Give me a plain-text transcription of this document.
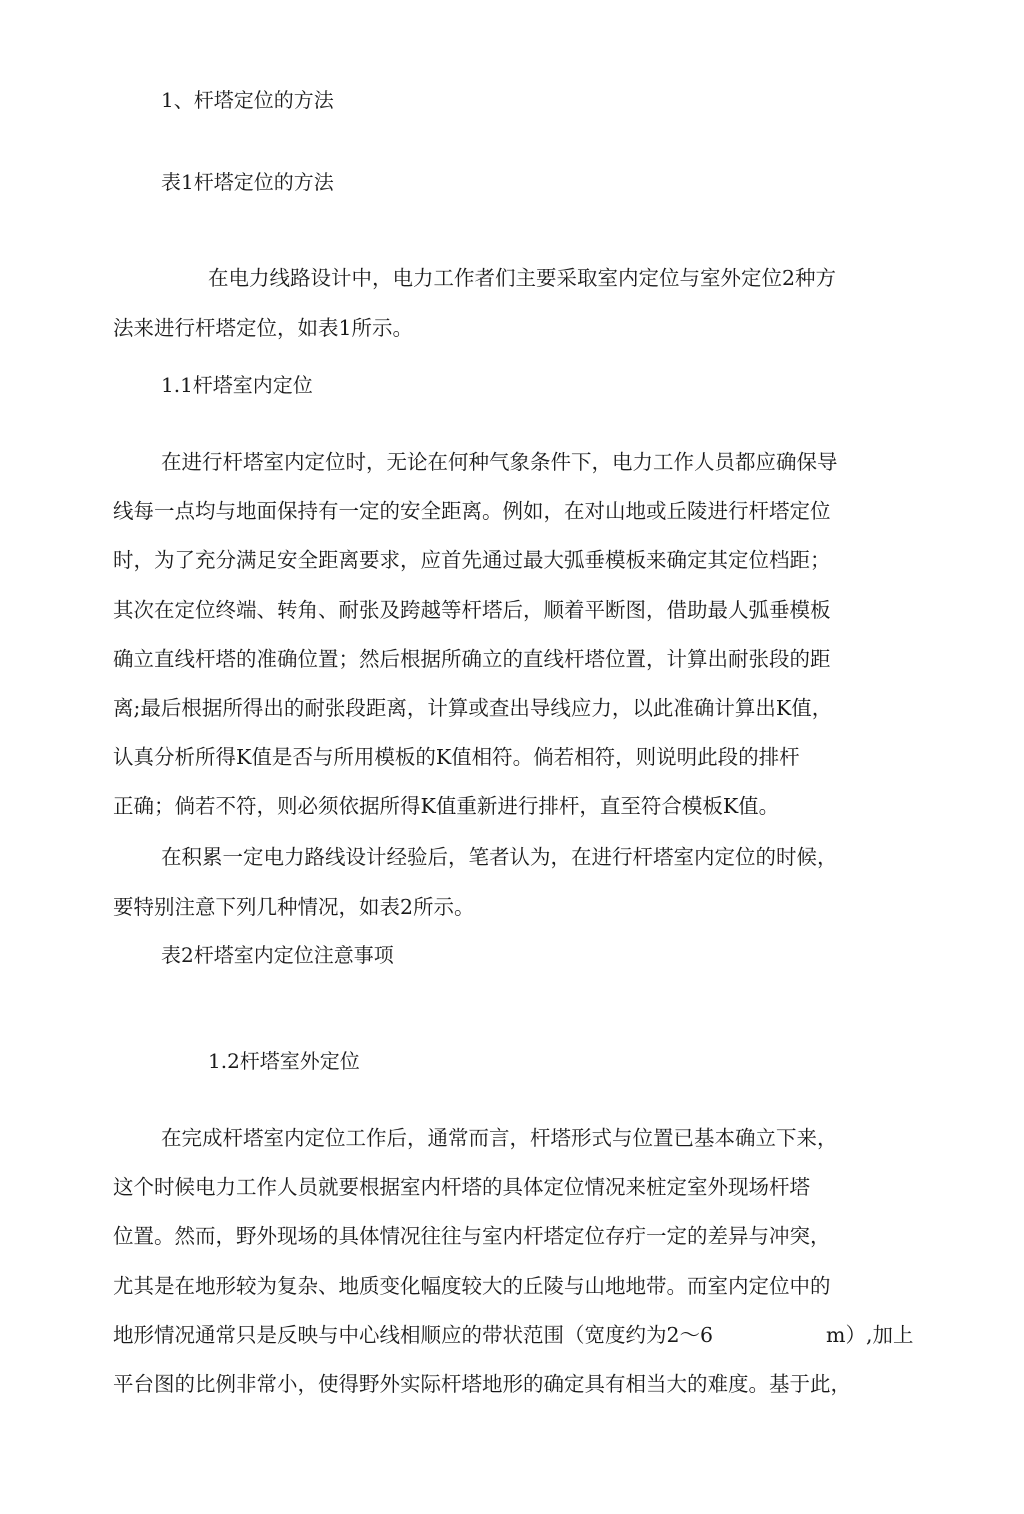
1、杆塔定位的方法

表1杆塔定位的方法

在电力线路设计中，电力工作者们主要采取室内定位与室外定位2种方

法来进行杆塔定位，如表1所示。

1.1杆塔室内定位

在进行杆塔室内定位时，无论在何种气象条件下，电力工作人员都应确保导

线每一点均与地面保持有一定的安全距离。例如，在对山地或丘陵进行杆塔定位

时，为了充分满足安全距离要求，应首先通过最大弧垂模板来确定其定位档距；

其次在定位终端、转角、耐张及跨越等杆塔后，顺着平断图，借助最人弧垂模板

确立直线杆塔的准确位置；然后根据所确立的直线杆塔位置，计算出耐张段的距

离;最后根据所得出的耐张段距离，计算或查出导线应力，以此准确计算出K值，

认真分析所得K值是否与所用模板的K值相符。倘若相符，则说明此段的排杆

正确；倘若不符，则必须依据所得K值重新进行排杆，直至符合模板K值。

在积累一定电力路线设计经验后，笔者认为，在进行杆塔室内定位的时候，

要特别注意下列几种情况，如表2所示。

表2杆塔室内定位注意事项

1.2杆塔室外定位

在完成杆塔室内定位工作后，通常而言，杆塔形式与位置已基本确立下来，

这个时候电力工作人员就要根据室内杆塔的具体定位情况来桩定室外现场杆塔

位置。然而，野外现场的具体情况往往与室内杆塔定位存疔一定的差异与冲突，

尤其是在地形较为复杂、地质变化幅度较大的丘陵与山地地带。而室内定位中的

地形情况通常只是反映与中心线相顺应的带状范围（宽度约为2～6	m）,加上

平台图的比例非常小，使得野外实际杆塔地形的确定具有相当大的难度。基于此，
